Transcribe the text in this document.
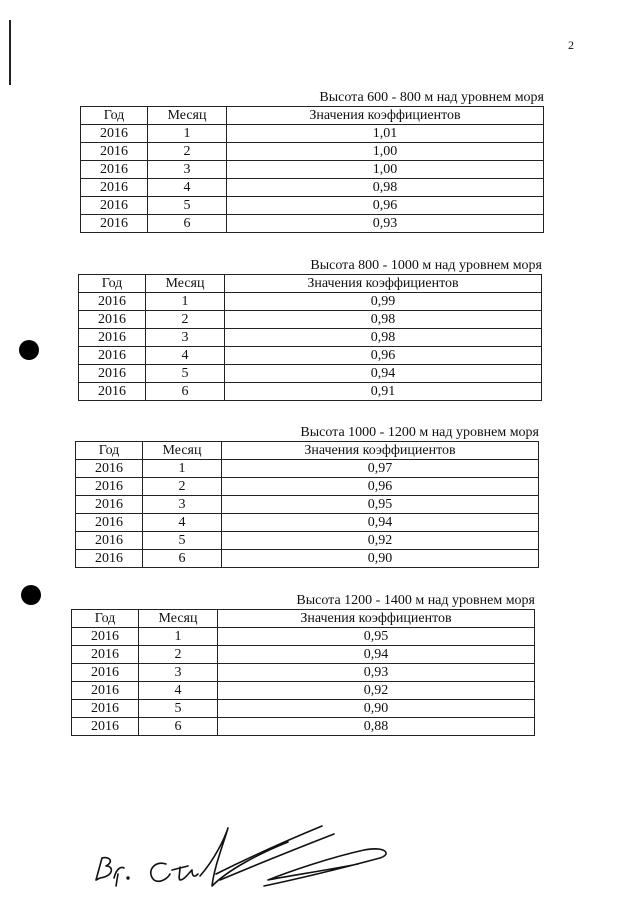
2
Высота 600 - 800 м над уровнем моря
Год	Месяц	Значения коэффициентов
2016	1	1,01
2016	2	1,00
2016	3	1,00
2016	4	0,98
2016	5	0,96
2016	6	0,93
Высота 800 - 1000 м над уровнем моря
Год	Месяц	Значения коэффициентов
2016	1	0,99
2016	2	0,98
2016	3	0,98
2016	4	0,96
2016	5	0,94
2016	6	0,91
Высота 1000 - 1200 м над уровнем моря
Год	Месяц	Значения коэффициентов
2016	1	0,97
2016	2	0,96
2016	3	0,95
2016	4	0,94
2016	5	0,92
2016	6	0,90
Высота 1200 - 1400 м над уровнем моря
Год	Месяц	Значения коэффициентов
2016	1	0,95
2016	2	0,94
2016	3	0,93
2016	4	0,92
2016	5	0,90
2016	6	0,88
